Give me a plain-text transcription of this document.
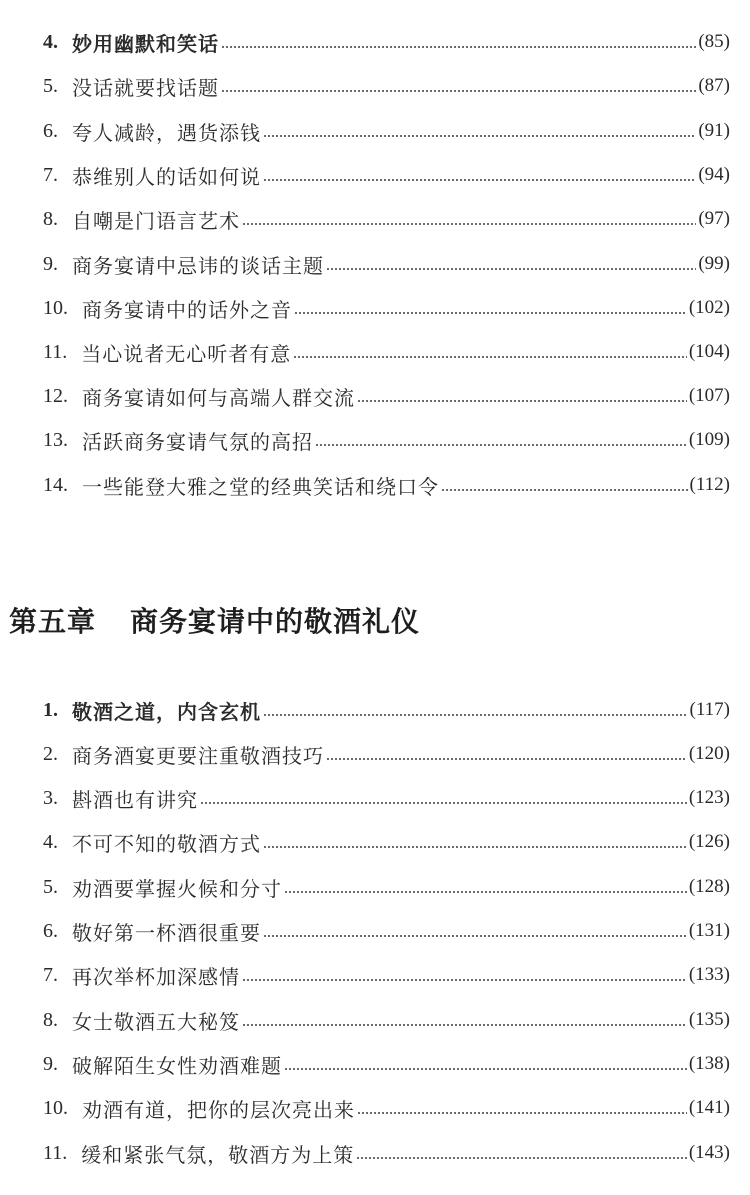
4. 妙用幽默和笑话	(85)
5. 没话就要找话题	(87)
6. 夸人减龄，遇货添钱	(91)
7. 恭维别人的话如何说	(94)
8. 自嘲是门语言艺术	(97)
9. 商务宴请中忌讳的谈话主题	(99)
10. 商务宴请中的话外之音	(102)
11. 当心说者无心听者有意	(104)
12. 商务宴请如何与高端人群交流	(107)
13. 活跃商务宴请气氛的高招	(109)
14. 一些能登大雅之堂的经典笑话和绕口令	(112)
第五章 商务宴请中的敬酒礼仪
1. 敬酒之道，内含玄机	(117)
2. 商务酒宴更要注重敬酒技巧	(120)
3. 斟酒也有讲究	(123)
4. 不可不知的敬酒方式	(126)
5. 劝酒要掌握火候和分寸	(128)
6. 敬好第一杯酒很重要	(131)
7. 再次举杯加深感情	(133)
8. 女士敬酒五大秘笈	(135)
9. 破解陌生女性劝酒难题	(138)
10. 劝酒有道，把你的层次亮出来	(141)
11. 缓和紧张气氛，敬酒方为上策	(143)
